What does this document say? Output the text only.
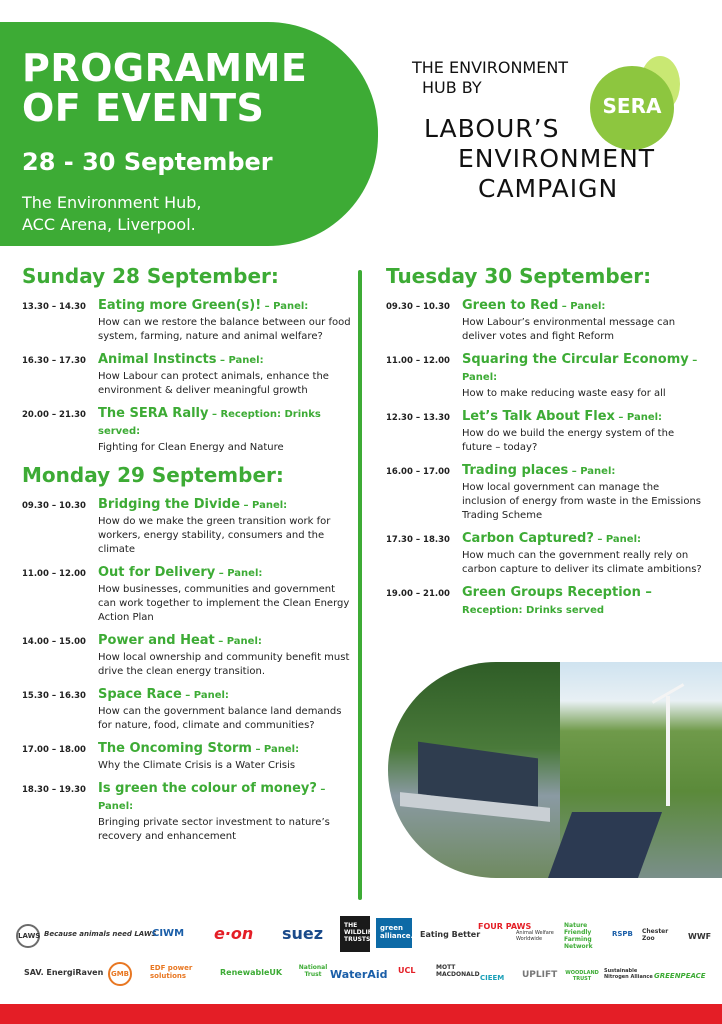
PROGRAMME
OF EVENTS
28 - 30 September
The Environment Hub,
ACC Arena, Liverpool.
SERA
THE ENVIRONMENT
HUB BY
LABOUR’S
ENVIRONMENT
CAMPAIGN
Sunday 28 September:
13.30 – 14.30 Eating more Green(s)! – Panel:
How can we restore the balance between our food system, farming, nature and animal welfare?
16.30 – 17.30 Animal Instincts – Panel:
How Labour can protect animals, enhance the environment & deliver meaningful growth
20.00 – 21.30 The SERA Rally – Reception: Drinks served:
Fighting for Clean Energy and Nature
Monday 29 September:
09.30 – 10.30 Bridging the Divide – Panel:
How do we make the green transition work for workers, energy stability, consumers and the climate
11.00 – 12.00 Out for Delivery – Panel:
How businesses, communities and government can work together to implement the Clean Energy Action Plan
14.00 – 15.00 Power and Heat – Panel:
How local ownership and community benefit must drive the clean energy transition.
15.30 – 16.30 Space Race – Panel:
How can the government balance land demands for nature, food, climate and communities?
17.00 – 18.00 The Oncoming Storm – Panel:
Why the Climate Crisis is a Water Crisis
18.30 – 19.30 Is green the colour of money? – Panel:
Bringing private sector investment to nature’s recovery and enhancement
Tuesday 30 September:
09.30 – 10.30 Green to Red – Panel:
How Labour’s environmental message can deliver votes and fight Reform
11.00 – 12.00 Squaring the Circular Economy – Panel:
How to make reducing waste easy for all
12.30 – 13.30 Let’s Talk About Flex – Panel:
How do we build the energy system of the future – today?
16.00 – 17.00 Trading places – Panel:
How local government can manage the inclusion of energy from waste in the Emissions Trading Scheme
17.30 – 18.30 Carbon Captured? – Panel:
How much can the government really rely on carbon capture to deliver its climate ambitions?
19.00 – 21.00 Green Groups Reception – Reception: Drinks served
LAWS Because animals need LAWS
CIWM e·on suez	THE WILDLIFE TRUSTS
green alliance. Eating Better
FOUR PAWS
Animal Welfare Worldwide
Nature Friendly Farming Network
RSPB Chester Zoo	WWF
SAV. EnergiRaven	GMB
EDF power solutions	RenewableUK
National Trust WaterAid UCL	MOTT MACDONALD CIEEM UPLIFT	WOODLAND TRUST
Sustainable Nitrogen Alliance GREENPEACE
